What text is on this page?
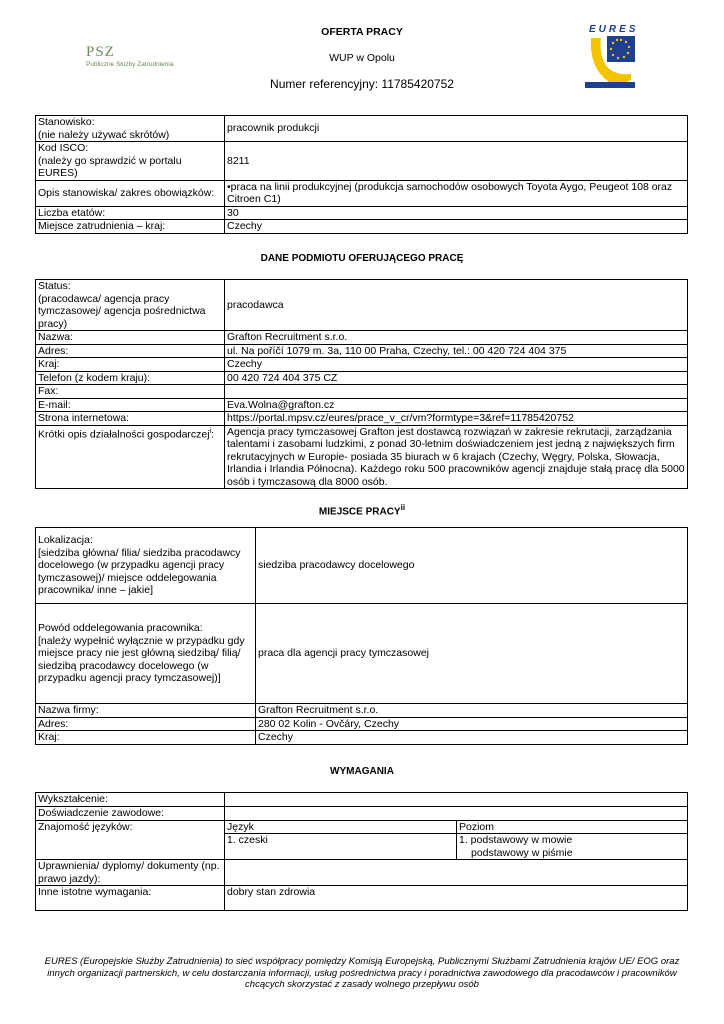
PSZ
Publiczne Służby Zatrudnienia
OFERTA PRACY
WUP w Opolu
Numer referencyjny: 11785420752
EURES
Stanowisko:
(nie należy używać skrótów)	pracownik produkcji
Kod ISCO:
(należy go sprawdzić w portalu EURES)	8211
Opis stanowiska/ zakres obowiązków:	•praca na linii produkcyjnej (produkcja samochodów osobowych Toyota Aygo, Peugeot 108 oraz Citroen C1)
Liczba etatów:	30
Miejsce zatrudnienia – kraj:	Czechy
DANE PODMIOTU OFERUJĄCEGO PRACĘ
Status:
(pracodawca/ agencja pracy tymczasowej/ agencja pośrednictwa pracy)	pracodawca
Nazwa:	Grafton Recruitment s.r.o.
Adres:	ul. Na poříčí 1079 m. 3a, 110 00 Praha, Czechy, tel.: 00 420 724 404 375
Kraj:	Czechy
Telefon (z kodem kraju):	00 420 724 404 375 CZ
Fax:	
E-mail:	Eva.Wolna@grafton.cz
Strona internetowa:	https://portal.mpsv.cz/eures/prace_v_cr/vm?formtype=3&ref=11785420752
Krótki opis działalności gospodarczej$^i$:	Agencja pracy tymczasowej Grafton jest dostawcą rozwiązań w zakresie rekrutacji, zarządzania talentami i zasobami ludzkimi, z ponad 30-letnim doświadczeniem jest jedną z największych firm rekrutacyjnych w Europie- posiada 35 biurach w 6 krajach (Czechy, Węgry, Polska, Słowacja, Irlandia i Irlandia Północna). Każdego roku 500 pracowników agencji znajduje stałą pracę dla 5000 osób i tymczasową dla 8000 osób.
MIEJSCE PRACY$^{ii}$
Lokalizacja:
[siedziba główna/ filia/ siedziba pracodawcy docelowego (w przypadku agencji pracy tymczasowej)/ miejsce oddelegowania pracownika/ inne – jakie]	siedziba pracodawcy docelowego
Powód oddelegowania pracownika:
[należy wypełnić wyłącznie w przypadku gdy miejsce pracy nie jest główną siedzibą/ filią/ siedzibą pracodawcy docelowego (w przypadku agencji pracy tymczasowej)]	praca dla agencji pracy tymczasowej
Nazwa firmy:	Grafton Recruitment s.r.o.
Adres:	280 02 Kolin - Ovčáry, Czechy
Kraj:	Czechy
WYMAGANIA
Wykształcenie:		
Doświadczenie zawodowe:		
Znajomość języków:	Język	Poziom
	1. czeski	1. podstawowy w mowie
podstawowy w piśmie

Uprawnienia/ dyplomy/ dokumenty (np. prawo jazdy):		
Inne istotne wymagania:	dobry stan zdrowia	
EURES (Europejskie Służby Zatrudnienia) to sieć współpracy pomiędzy Komisją Europejską, Publicznymi Służbami Zatrudnienia krajów UE/ EOG oraz innych organizacji partnerskich, w celu dostarczania informacji, usług pośrednictwa pracy i poradnictwa zawodowego dla pracodawców i pracowników chcących skorzystać z zasady wolnego przepływu osób
